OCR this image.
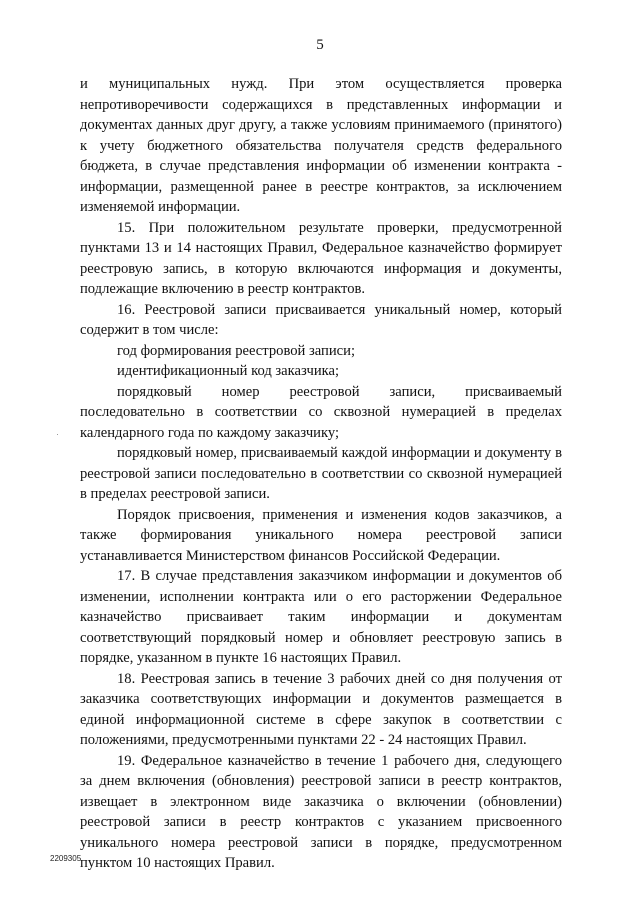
5

и муниципальных нужд. При этом осуществляется проверка непротиворечивости содержащихся в представленных информации и документах данных друг другу, а также условиям принимаемого (принятого) к учету бюджетного обязательства получателя средств федерального бюджета, в случае представления информации об изменении контракта - информации, размещенной ранее в реестре контрактов, за исключением изменяемой информации.

15. При положительном результате проверки, предусмотренной пунктами 13 и 14 настоящих Правил, Федеральное казначейство формирует реестровую запись, в которую включаются информация и документы, подлежащие включению в реестр контрактов.

16. Реестровой записи присваивается уникальный номер, который содержит в том числе:

год формирования реестровой записи;

идентификационный код заказчика;

порядковый номер реестровой записи, присваиваемый последовательно в соответствии со сквозной нумерацией в пределах календарного года по каждому заказчику;

порядковый номер, присваиваемый каждой информации и документу в реестровой записи последовательно в соответствии со сквозной нумерацией в пределах реестровой записи.

Порядок присвоения, применения и изменения кодов заказчиков, а также формирования уникального номера реестровой записи устанавливается Министерством финансов Российской Федерации.

17. В случае представления заказчиком информации и документов об изменении, исполнении контракта или о его расторжении Федеральное казначейство присваивает таким информации и документам соответствующий порядковый номер и обновляет реестровую запись в порядке, указанном в пункте 16 настоящих Правил.

18. Реестровая запись в течение 3 рабочих дней со дня получения от заказчика соответствующих информации и документов размещается в единой информационной системе в сфере закупок в соответствии с положениями, предусмотренными пунктами 22 - 24 настоящих Правил.

19. Федеральное казначейство в течение 1 рабочего дня, следующего за днем включения (обновления) реестровой записи в реестр контрактов, извещает в электронном виде заказчика о включении (обновлении) реестровой записи в реестр контрактов с указанием присвоенного уникального номера реестровой записи в порядке, предусмотренном пунктом 10 настоящих Правил.

2209305
